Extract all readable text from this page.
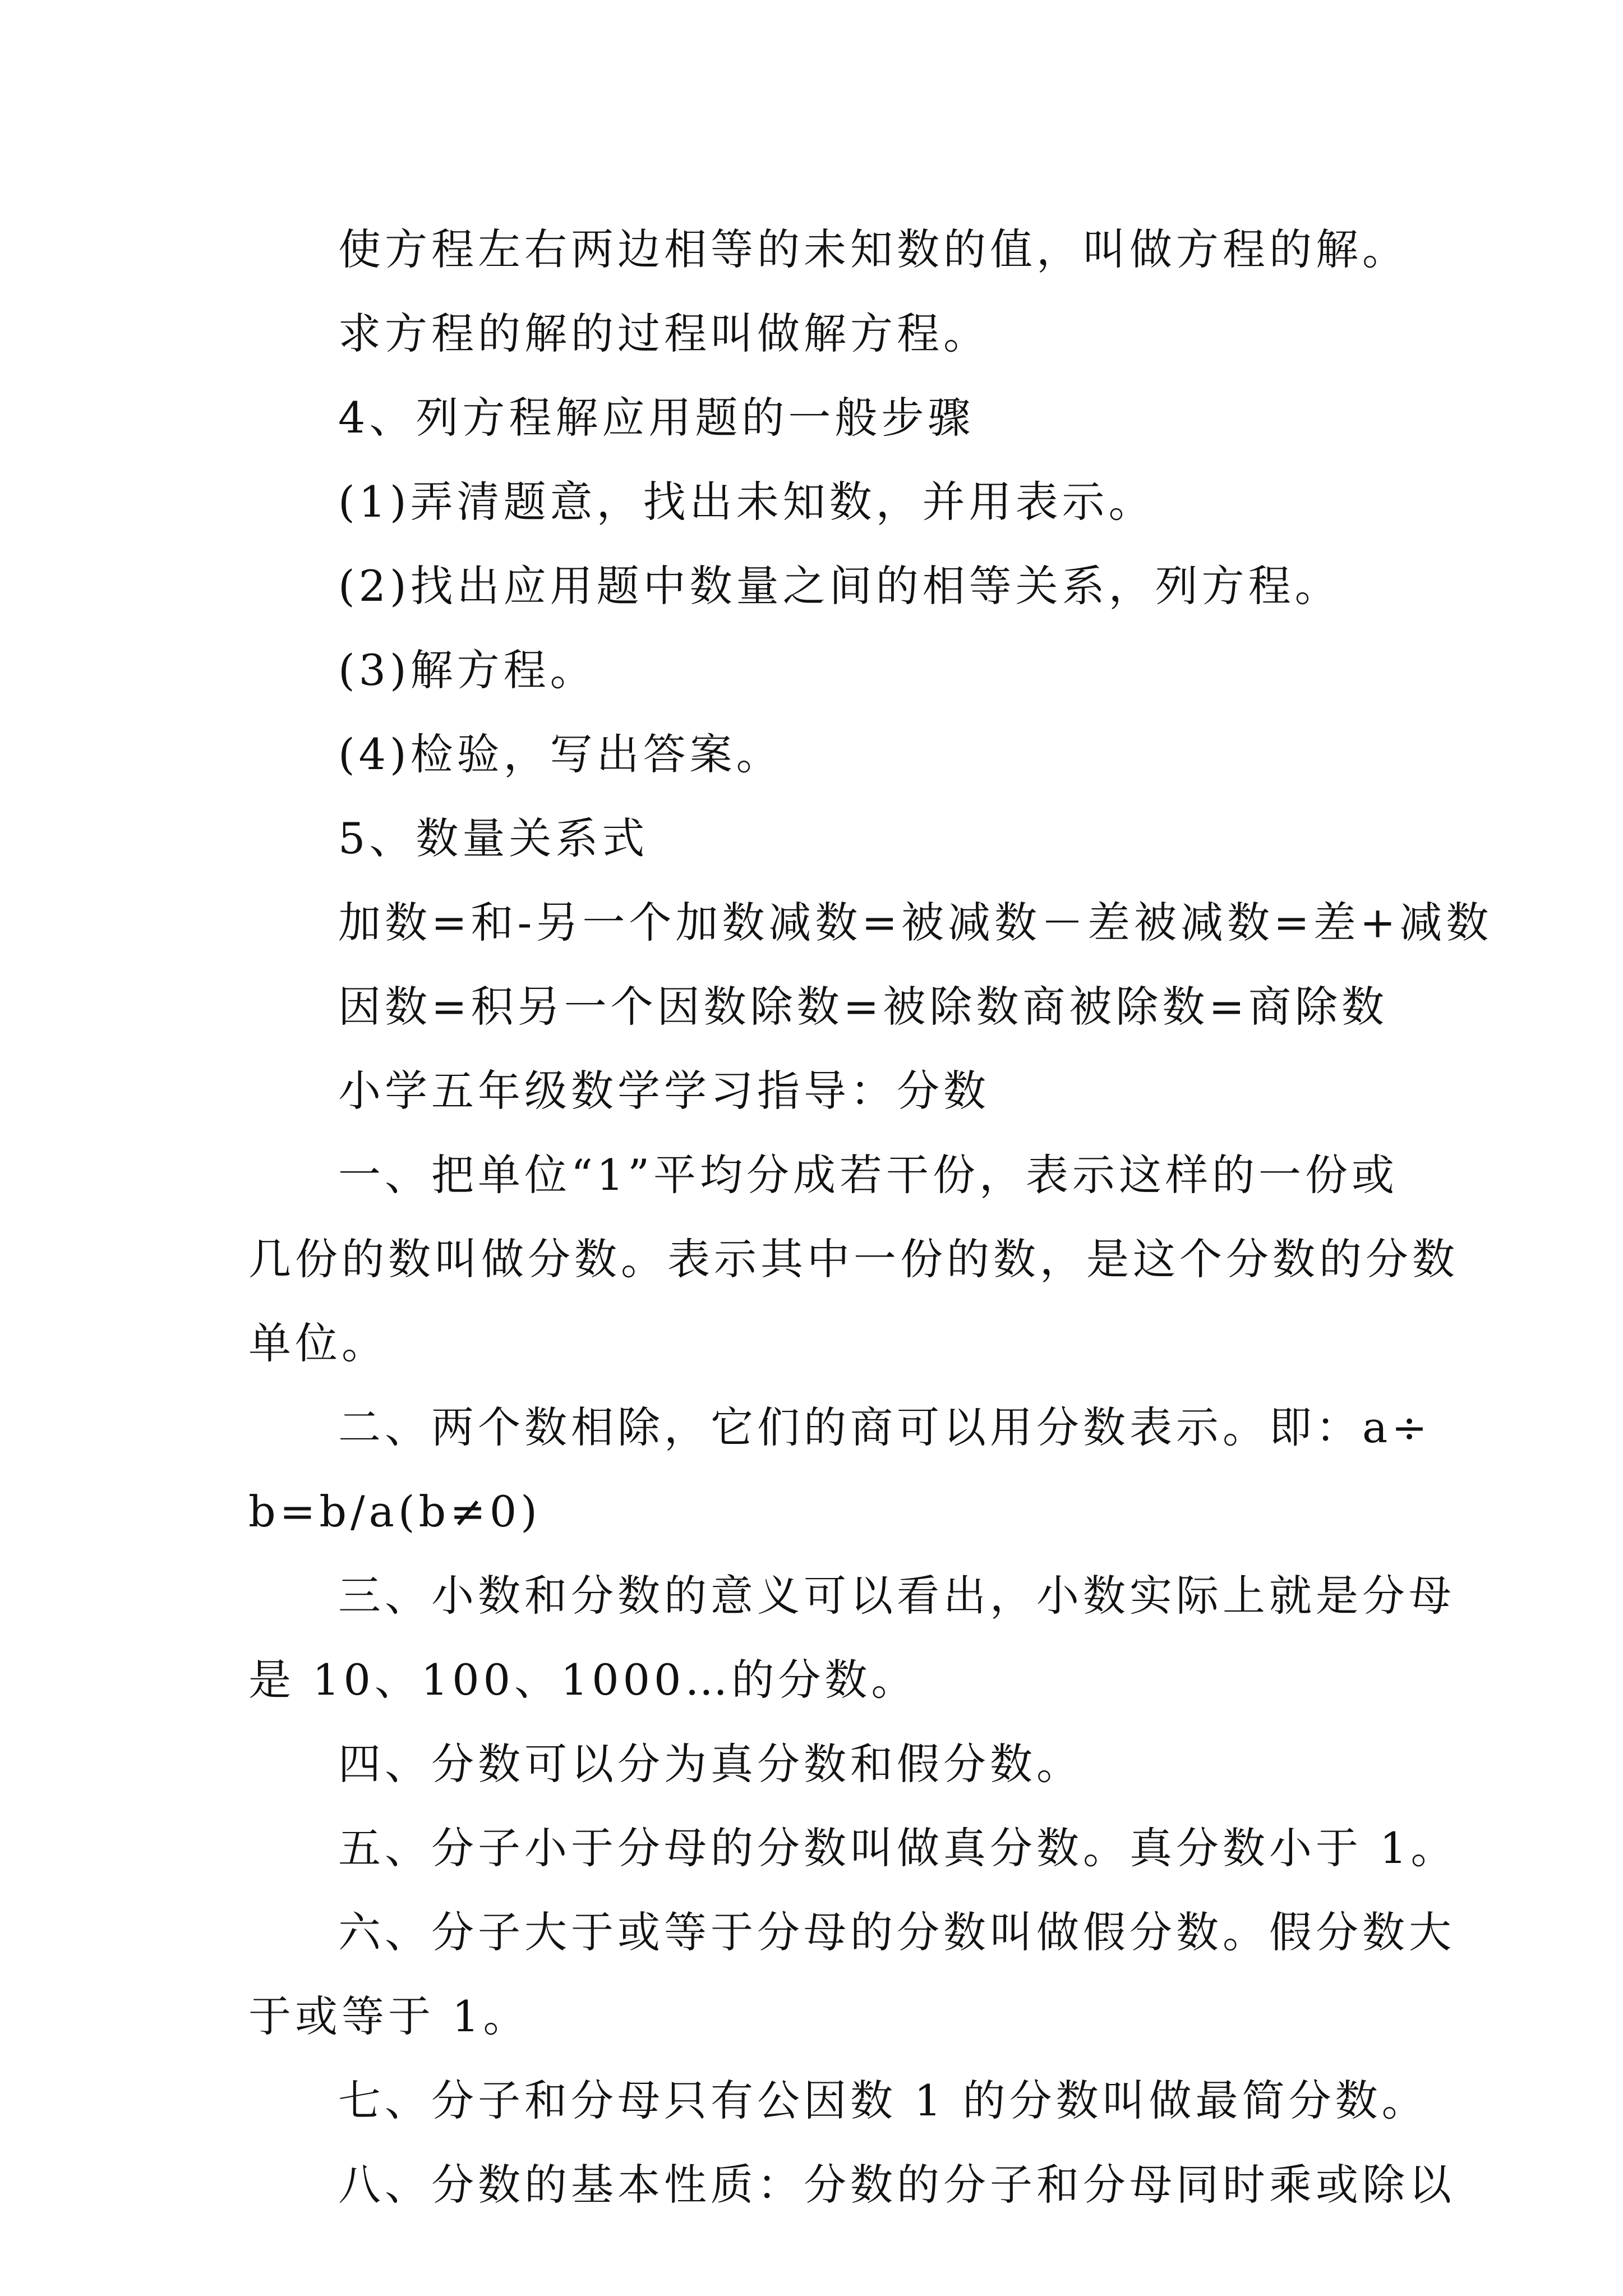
使方程左右两边相等的未知数的值，叫做方程的解。

求方程的解的过程叫做解方程。

4、列方程解应用题的一般步骤

(1)弄清题意，找出未知数，并用表示。

(2)找出应用题中数量之间的相等关系，列方程。

(3)解方程。

(4)检验，写出答案。

5、数量关系式

加数=和-另一个加数减数=被减数－差被减数=差+减数

因数=积另一个因数除数=被除数商被除数=商除数

小学五年级数学学习指导：分数

一、把单位“1”平均分成若干份，表示这样的一份或

几份的数叫做分数。表示其中一份的数，是这个分数的分数

单位。

二、两个数相除，它们的商可以用分数表示。即：a÷

b=b/a(b≠0)

三、小数和分数的意义可以看出，小数实际上就是分母

是 10、100、1000…的分数。

四、分数可以分为真分数和假分数。

五、分子小于分母的分数叫做真分数。真分数小于 1。

六、分子大于或等于分母的分数叫做假分数。假分数大

于或等于 1。

七、分子和分母只有公因数 1 的分数叫做最简分数。

八、分数的基本性质：分数的分子和分母同时乘或除以
